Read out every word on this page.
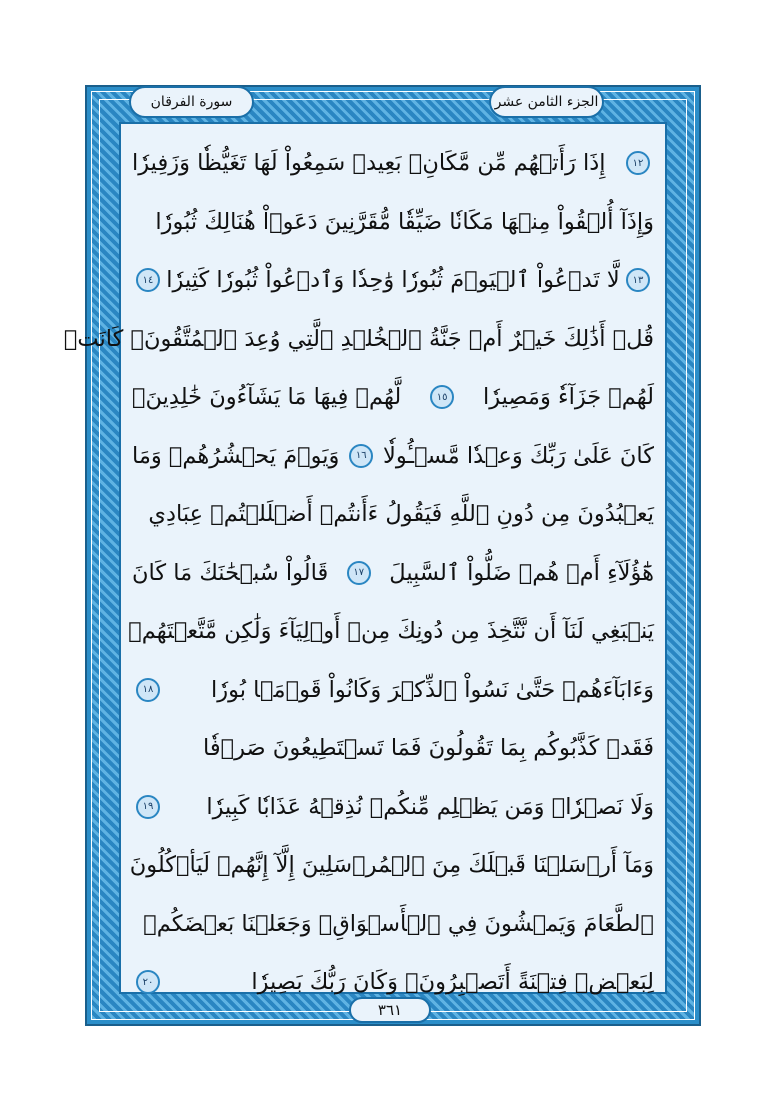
الجزء الثامن عشر
سورة الفرقان
١٢
إِذَا رَأَتۡهُم مِّن مَّكَانِۭ بَعِيدٖ سَمِعُواْ لَهَا تَغَيُّظٗا وَزَفِيرٗا
وَإِذَآ أُلۡقُواْ مِنۡهَا مَكَانٗا ضَيِّقٗا مُّقَرَّنِينَ دَعَوۡاْ هُنَالِكَ ثُبُورٗا
١٣
لَّا تَدۡعُواْ ٱلۡيَوۡمَ ثُبُورٗا وَٰحِدٗا وَٱدۡعُواْ ثُبُورٗا كَثِيرٗا
١٤
قُلۡ أَذَٰلِكَ خَيۡرٌ أَمۡ جَنَّةُ ٱلۡخُلۡدِ ٱلَّتِي وُعِدَ ٱلۡمُتَّقُونَۚ كَانَتۡ
لَهُمۡ جَزَآءٗ وَمَصِيرٗا
١٥
لَّهُمۡ فِيهَا مَا يَشَآءُونَ خَٰلِدِينَۚ
كَانَ عَلَىٰ رَبِّكَ وَعۡدٗا مَّسۡـُٔولٗا
١٦
وَيَوۡمَ يَحۡشُرُهُمۡ وَمَا
يَعۡبُدُونَ مِن دُونِ ٱللَّهِ فَيَقُولُ ءَأَنتُمۡ أَضۡلَلۡتُمۡ عِبَادِي
هَٰٓؤُلَآءِ أَمۡ هُمۡ ضَلُّواْ ٱلسَّبِيلَ
١٧
قَالُواْ سُبۡحَٰنَكَ مَا كَانَ
يَنۢبَغِي لَنَآ أَن نَّتَّخِذَ مِن دُونِكَ مِنۡ أَوۡلِيَآءَ وَلَٰكِن مَّتَّعۡتَهُمۡ
وَءَابَآءَهُمۡ حَتَّىٰ نَسُواْ ٱلذِّكۡرَ وَكَانُواْ قَوۡمَۢا بُورٗا
١٨
فَقَدۡ كَذَّبُوكُم بِمَا تَقُولُونَ فَمَا تَسۡتَطِيعُونَ صَرۡفٗا
وَلَا نَصۡرٗاۚ وَمَن يَظۡلِم مِّنكُمۡ نُذِقۡهُ عَذَابٗا كَبِيرٗا
١٩
وَمَآ أَرۡسَلۡنَا قَبۡلَكَ مِنَ ٱلۡمُرۡسَلِينَ إِلَّآ إِنَّهُمۡ لَيَأۡكُلُونَ
ٱلطَّعَامَ وَيَمۡشُونَ فِي ٱلۡأَسۡوَاقِۗ وَجَعَلۡنَا بَعۡضَكُمۡ
لِبَعۡضٖ فِتۡنَةً أَتَصۡبِرُونَۗ وَكَانَ رَبُّكَ بَصِيرٗا
٢٠
٣٦١
